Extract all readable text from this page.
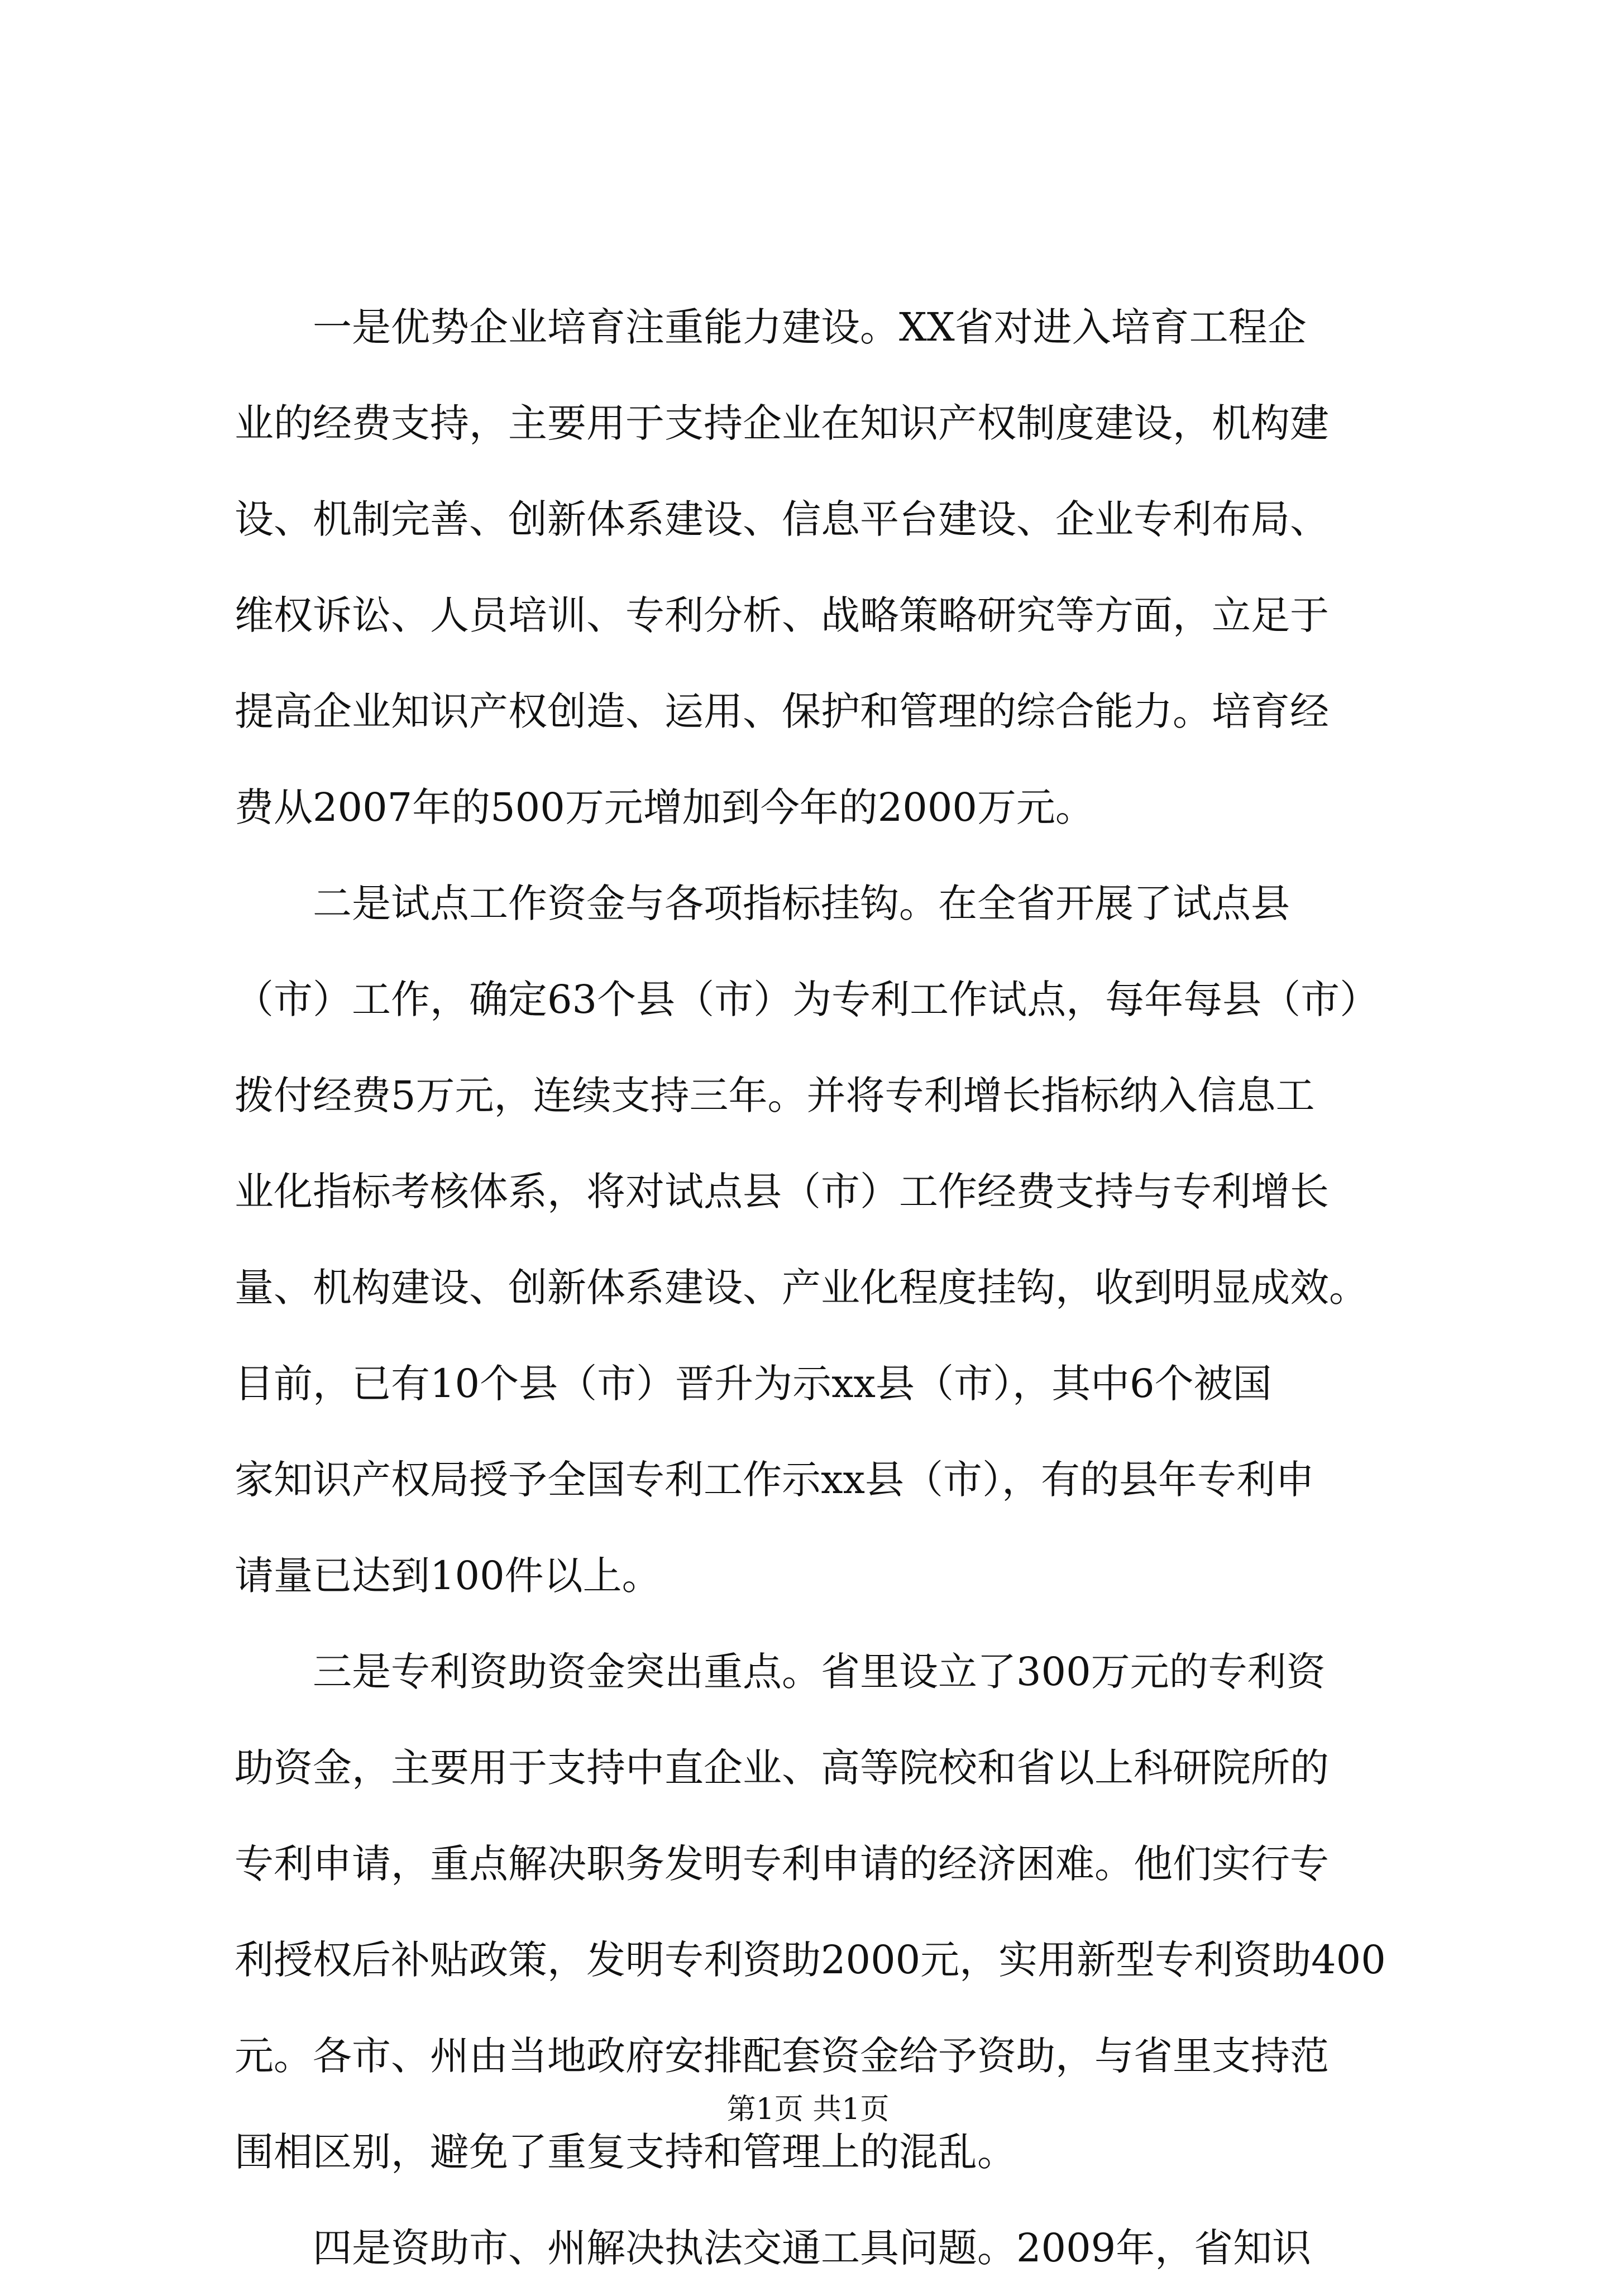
一是优势企业培育注重能力建设。XX省对进入培育工程企
业的经费支持，主要用于支持企业在知识产权制度建设，机构建
设、机制完善、创新体系建设、信息平台建设、企业专利布局、
维权诉讼、人员培训、专利分析、战略策略研究等方面，立足于
提高企业知识产权创造、运用、保护和管理的综合能力。培育经
费从2007年的500万元增加到今年的2000万元。
二是试点工作资金与各项指标挂钩。在全省开展了试点县
（市）工作，确定63个县（市）为专利工作试点，每年每县（市）
拨付经费5万元，连续支持三年。并将专利增长指标纳入信息工
业化指标考核体系，将对试点县（市）工作经费支持与专利增长
量、机构建设、创新体系建设、产业化程度挂钩，收到明显成效。
目前，已有10个县（市）晋升为示xx县（市），其中6个被国
家知识产权局授予全国专利工作示xx县（市），有的县年专利申
请量已达到100件以上。
三是专利资助资金突出重点。省里设立了300万元的专利资
助资金，主要用于支持中直企业、高等院校和省以上科研院所的
专利申请，重点解决职务发明专利申请的经济困难。他们实行专
利授权后补贴政策，发明专利资助2000元，实用新型专利资助400
元。各市、州由当地政府安排配套资金给予资助，与省里支持范
围相区别，避免了重复支持和管理上的混乱。
四是资助市、州解决执法交通工具问题。2009年，省知识
第1页 共1页
